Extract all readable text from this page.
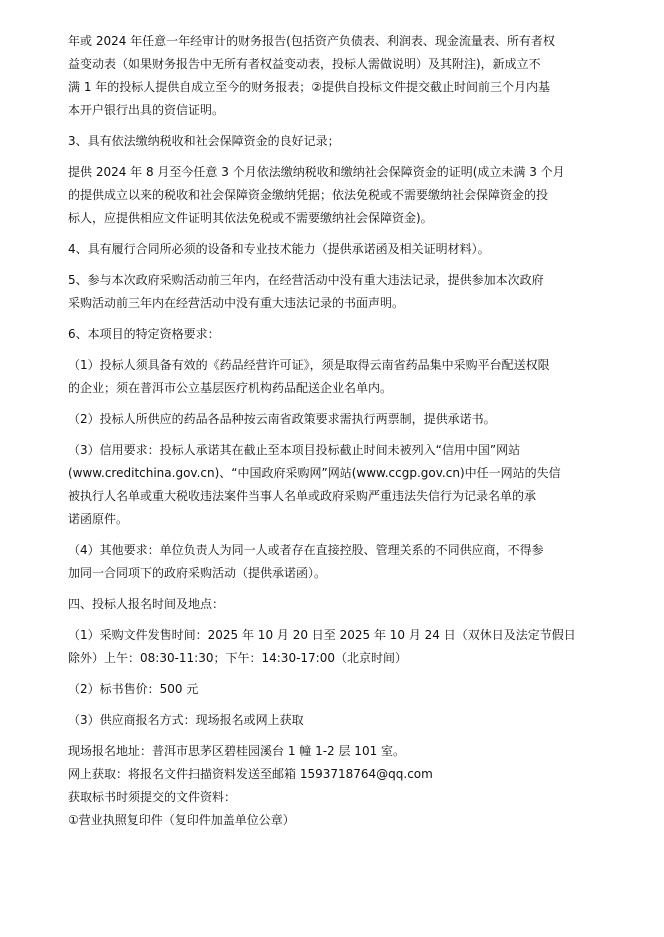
年或 2024 年任意一年经审计的财务报告(包括资产负债表、利润表、现金流量表、所有者权
益变动表（如果财务报告中无所有者权益变动表，投标人需做说明）及其附注)，新成立不
满 1 年的投标人提供自成立至今的财务报表；②提供自投标文件提交截止时间前三个月内基
本开户银行出具的资信证明。
3、具有依法缴纳税收和社会保障资金的良好记录；
提供 2024 年 8 月至今任意 3 个月依法缴纳税收和缴纳社会保障资金的证明(成立未满 3 个月
的提供成立以来的税收和社会保障资金缴纳凭据；依法免税或不需要缴纳社会保障资金的投
标人，应提供相应文件证明其依法免税或不需要缴纳社会保障资金)。
4、具有履行合同所必须的设备和专业技术能力（提供承诺函及相关证明材料）。
5、参与本次政府采购活动前三年内，在经营活动中没有重大违法记录，提供参加本次政府
采购活动前三年内在经营活动中没有重大违法记录的书面声明。
6、本项目的特定资格要求：
（1）投标人须具备有效的《药品经营许可证》，须是取得云南省药品集中采购平台配送权限
的企业；须在普洱市公立基层医疗机构药品配送企业名单内。
（2）投标人所供应的药品各品种按云南省政策要求需执行两票制，提供承诺书。
（3）信用要求：投标人承诺其在截止至本项目投标截止时间未被列入“信用中国”网站
(www.creditchina.gov.cn)、“中国政府采购网”网站(www.ccgp.gov.cn)中任一网站的失信
被执行人名单或重大税收违法案件当事人名单或政府采购严重违法失信行为记录名单的承
诺函原件。
（4）其他要求：单位负责人为同一人或者存在直接控股、管理关系的不同供应商，不得参
加同一合同项下的政府采购活动（提供承诺函）。
四、投标人报名时间及地点：
（1）采购文件发售时间：2025 年 10 月 20 日至 2025 年 10 月 24 日（双休日及法定节假日
除外）上午：08:30-11:30；下午：14:30-17:00（北京时间）
（2）标书售价：500 元
（3）供应商报名方式：现场报名或网上获取
现场报名地址：普洱市思茅区碧桂园溪台 1 幢 1-2 层 101 室。
网上获取：将报名文件扫描资料发送至邮箱 1593718764@qq.com
获取标书时须提交的文件资料：
①营业执照复印件（复印件加盖单位公章）
